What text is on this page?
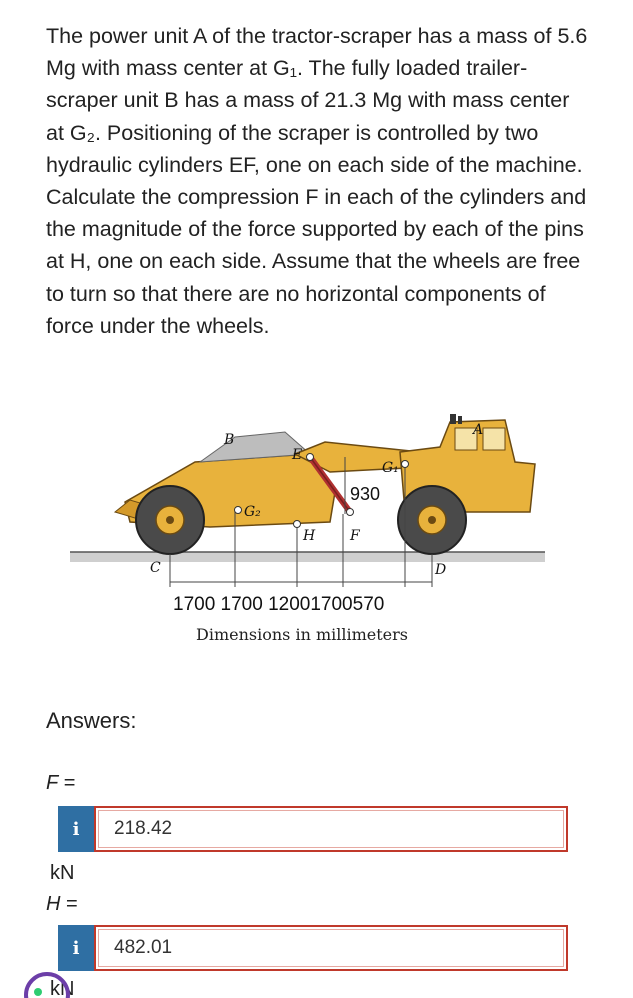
The power unit A of the tractor-scraper has a mass of 5.6 Mg with mass center at G₁. The fully loaded trailer-scraper unit B has a mass of 21.3 Mg with mass center at G₂. Positioning of the scraper is controlled by two hydraulic cylinders EF, one on each side of the machine. Calculate the compression F in each of the cylinders and the magnitude of the force supported by each of the pins at H, one on each side. Assume that the wheels are free to turn so that there are no horizontal components of force under the wheels.
B
E
G₁
A
G₂
H F
C	D
930
1700 1700 12001700570
Dimensions in millimeters
Answers:
F =
i	218.42
kN
H =
i	482.01
kN
